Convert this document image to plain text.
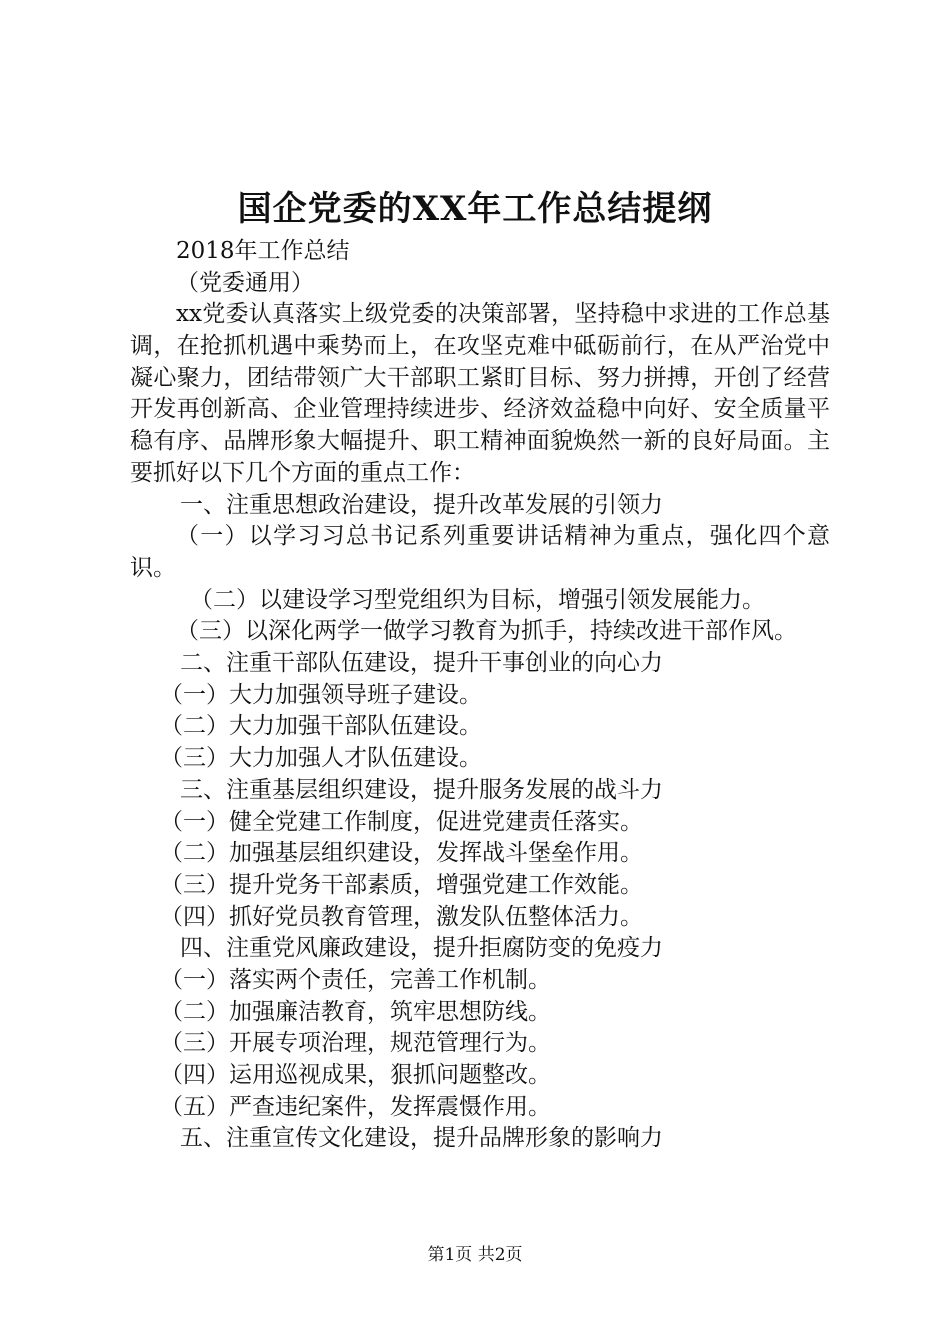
国企党委的XX年工作总结提纲
2018年工作总结
（党委通用）
xx党委认真落实上级党委的决策部署，坚持稳中求进的工作总基调，在抢抓机遇中乘势而上，在攻坚克难中砥砺前行，在从严治党中凝心聚力，团结带领广大干部职工紧盯目标、努力拼搏，开创了经营开发再创新高、企业管理持续进步、经济效益稳中向好、安全质量平稳有序、品牌形象大幅提升、职工精神面貌焕然一新的良好局面。主要抓好以下几个方面的重点工作：
一、注重思想政治建设，提升改革发展的引领力
（一）以学习习总书记系列重要讲话精神为重点，强化四个意识。
（二）以建设学习型党组织为目标，增强引领发展能力。
（三）以深化两学一做学习教育为抓手，持续改进干部作风。
二、注重干部队伍建设，提升干事创业的向心力
（一）大力加强领导班子建设。
（二）大力加强干部队伍建设。
（三）大力加强人才队伍建设。
三、注重基层组织建设，提升服务发展的战斗力
（一）健全党建工作制度，促进党建责任落实。
（二）加强基层组织建设，发挥战斗堡垒作用。
（三）提升党务干部素质，增强党建工作效能。
（四）抓好党员教育管理，激发队伍整体活力。
四、注重党风廉政建设，提升拒腐防变的免疫力
（一）落实两个责任，完善工作机制。
（二）加强廉洁教育，筑牢思想防线。
（三）开展专项治理，规范管理行为。
（四）运用巡视成果，狠抓问题整改。
（五）严查违纪案件，发挥震慑作用。
五、注重宣传文化建设，提升品牌形象的影响力
第1页 共2页
